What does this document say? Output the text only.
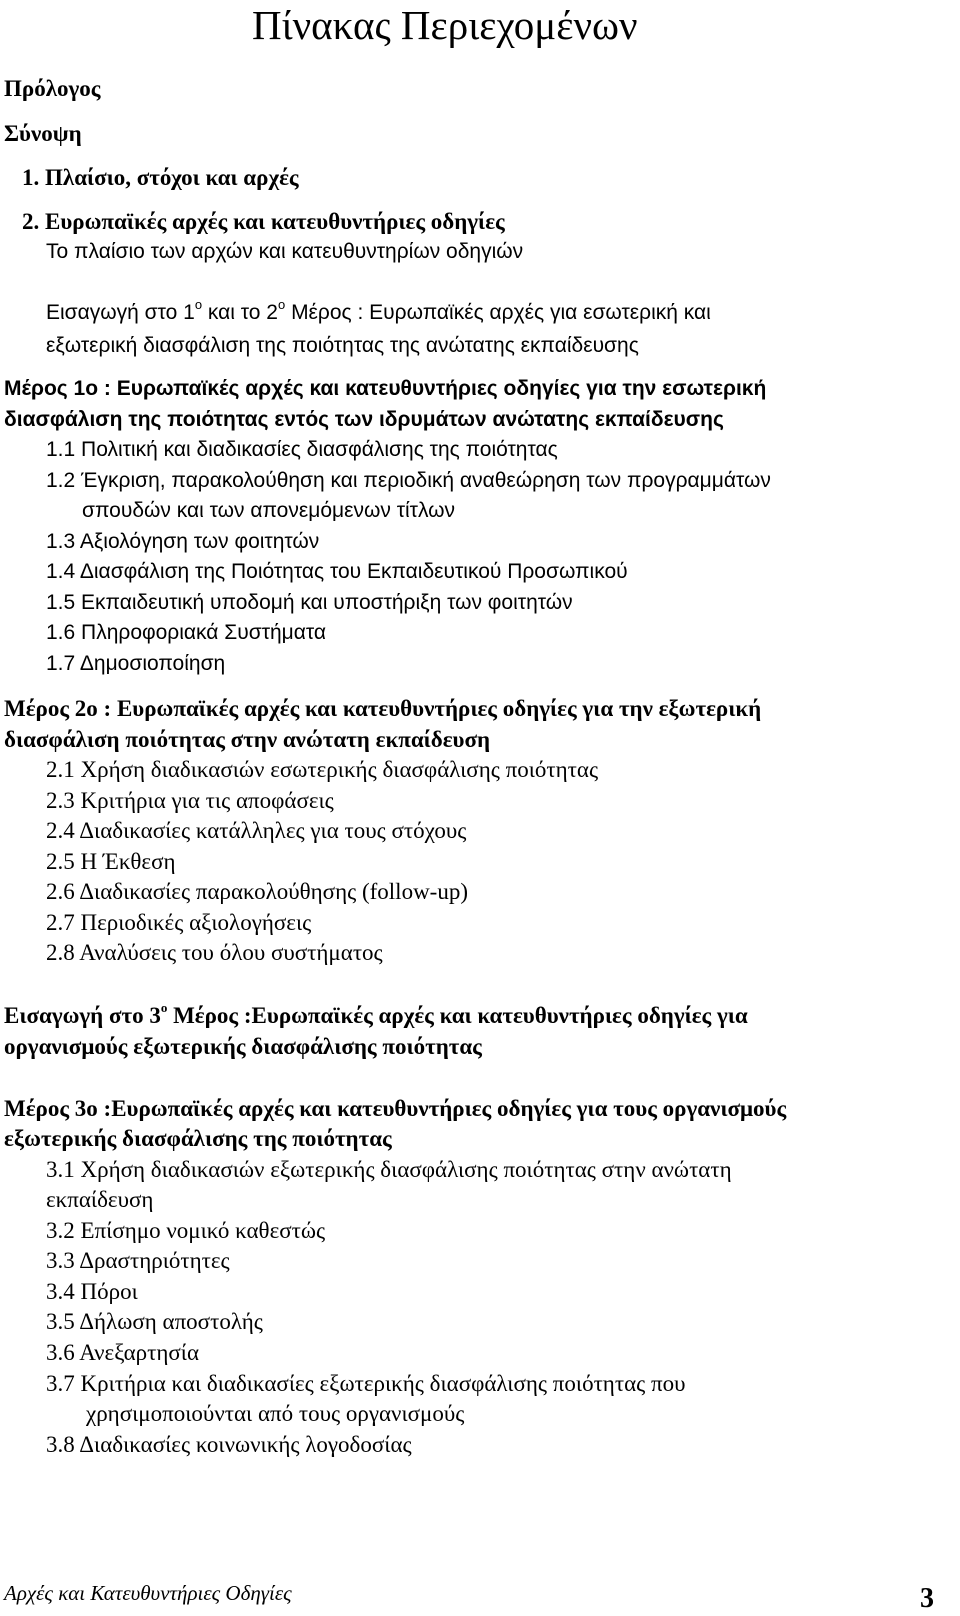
Πίνακας Περιεχομένων
Πρόλογος
Σύνοψη
1. Πλαίσιο, στόχοι και αρχές
2. Ευρωπαϊκές αρχές και κατευθυντήριες οδηγίες
Το πλαίσιο των αρχών και κατευθυντηρίων οδηγιών
Εισαγωγή στο $1^o$ και το $2^o$ Μέρος : Ευρωπαϊκές αρχές για εσωτερική και
εξωτερική διασφάλιση της ποιότητας της ανώτατης εκπαίδευσης
Μέρος 1ο : Ευρωπαϊκές αρχές και κατευθυντήριες οδηγίες για την εσωτερική
διασφάλιση της ποιότητας εντός των ιδρυμάτων ανώτατης εκπαίδευσης
1.1 Πολιτική και διαδικασίες διασφάλισης της ποιότητας
1.2 Έγκριση, παρακολούθηση και περιοδική αναθεώρηση των προγραμμάτων
σπουδών και των απονεμόμενων τίτλων
1.3 Αξιολόγηση των φοιτητών
1.4 Διασφάλιση της Ποιότητας του Εκπαιδευτικού Προσωπικού
1.5 Εκπαιδευτική υποδομή και υποστήριξη των φοιτητών
1.6 Πληροφοριακά Συστήματα
1.7 Δημοσιοποίηση
Μέρος 2ο : Ευρωπαϊκές αρχές και κατευθυντήριες οδηγίες για την εξωτερική
διασφάλιση ποιότητας στην ανώτατη εκπαίδευση
2.1 Χρήση διαδικασιών εσωτερικής διασφάλισης ποιότητας
2.3 Κριτήρια για τις αποφάσεις
2.4 Διαδικασίες κατάλληλες για τους στόχους
2.5 Η Έκθεση
2.6 Διαδικασίες παρακολούθησης (follow-up)
2.7 Περιοδικές αξιολογήσεις
2.8 Αναλύσεις του όλου συστήματος
Εισαγωγή στο $3^o$ Μέρος :Ευρωπαϊκές αρχές και κατευθυντήριες οδηγίες για
οργανισμούς εξωτερικής διασφάλισης ποιότητας
Μέρος 3ο :Ευρωπαϊκές αρχές και κατευθυντήριες οδηγίες για τους οργανισμούς
εξωτερικής διασφάλισης της ποιότητας
3.1 Χρήση διαδικασιών εξωτερικής διασφάλισης ποιότητας στην ανώτατη
εκπαίδευση
3.2 Επίσημο νομικό καθεστώς
3.3 Δραστηριότητες
3.4 Πόροι
3.5 Δήλωση αποστολής
3.6 Ανεξαρτησία
3.7 Κριτήρια και διαδικασίες εξωτερικής διασφάλισης ποιότητας που
χρησιμοποιούνται από τους οργανισμούς
3.8 Διαδικασίες κοινωνικής λογοδοσίας
Αρχές και Κατευθυντήριες Οδηγίες	3
